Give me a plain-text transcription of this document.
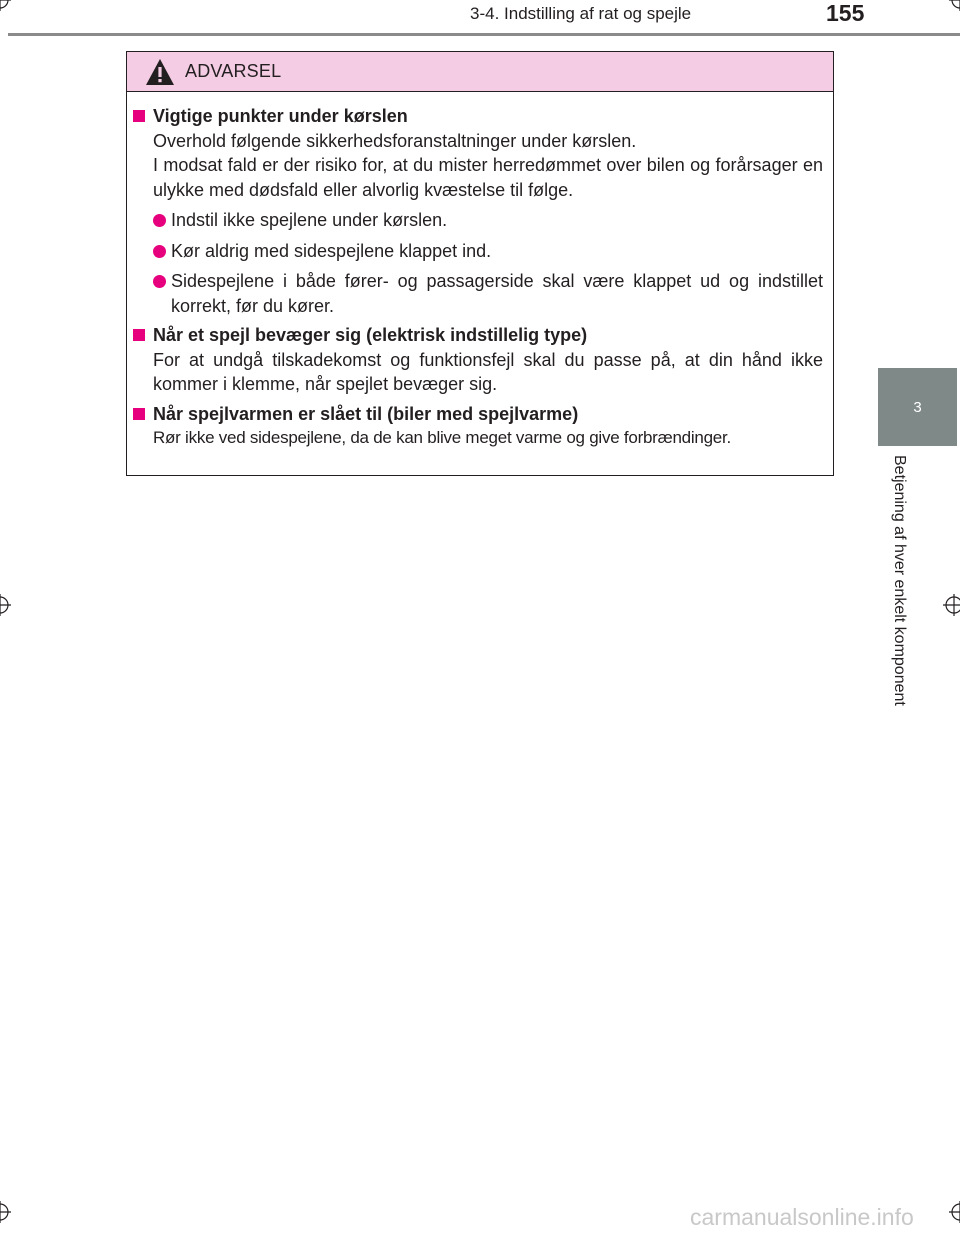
3-4. Indstilling af rat og spejle	155
3
Betjening af hver enkelt komponent
ADVARSEL
Vigtige punkter under kørslen
Overhold følgende sikkerhedsforanstaltninger under kørslen.
I modsat fald er der risiko for, at du mister herredømmet over bilen og forårsager en ulykke med dødsfald eller alvorlig kvæstelse til følge.
Indstil ikke spejlene under kørslen.
Kør aldrig med sidespejlene klappet ind.
Sidespejlene i både fører- og passagerside skal være klappet ud og indstillet korrekt, før du kører.
Når et spejl bevæger sig (elektrisk indstillelig type)
For at undgå tilskadekomst og funktionsfejl skal du passe på, at din hånd ikke kommer i klemme, når spejlet bevæger sig.
Når spejlvarmen er slået til (biler med spejlvarme)
Rør ikke ved sidespejlene, da de kan blive meget varme og give forbrændinger.
carmanualsonline.info
